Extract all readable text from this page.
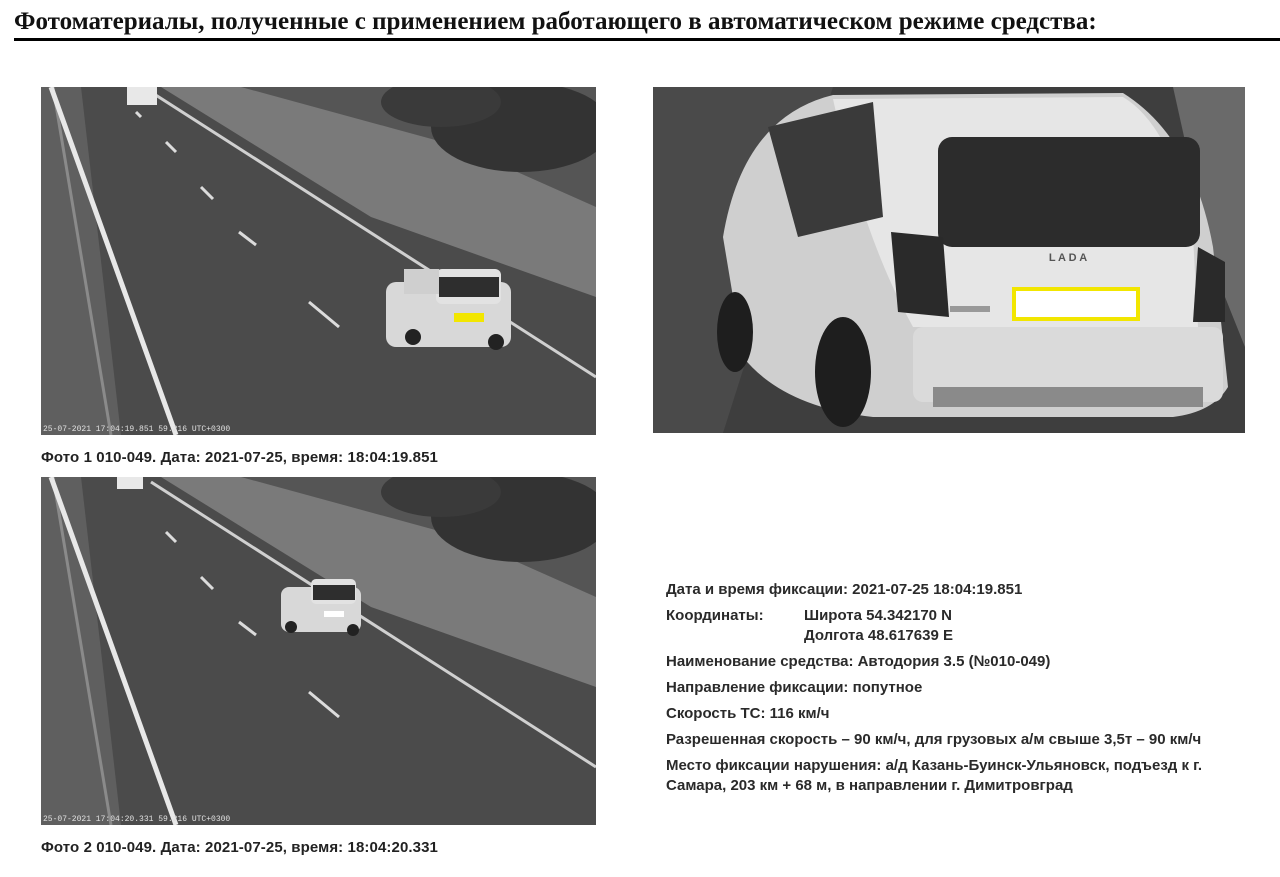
Фотоматериалы, полученные с применением работающего в автоматическом режиме средства:
25-07-2021 17:04:19.851 59.216 UTC+0300
Фото 1 010-049. Дата: 2021-07-25, время: 18:04:19.851
L A D A
25-07-2021 17:04:20.331 59.216 UTC+0300
Фото 2 010-049. Дата: 2021-07-25, время: 18:04:20.331
Дата и время фиксации: 2021-07-25 18:04:19.851
Координаты:	Широта 54.342170 N
Долгота 48.617639 E
Наименование средства: Автодория 3.5 (№010-049)
Направление фиксации: попутное
Скорость ТС: 116 км/ч
Разрешенная скорость – 90 км/ч, для грузовых а/м свыше 3,5т – 90 км/ч
Место фиксации нарушения: а/д Казань-Буинск-Ульяновск, подъезд к г. Самара, 203 км + 68 м, в направлении г. Димитровград
